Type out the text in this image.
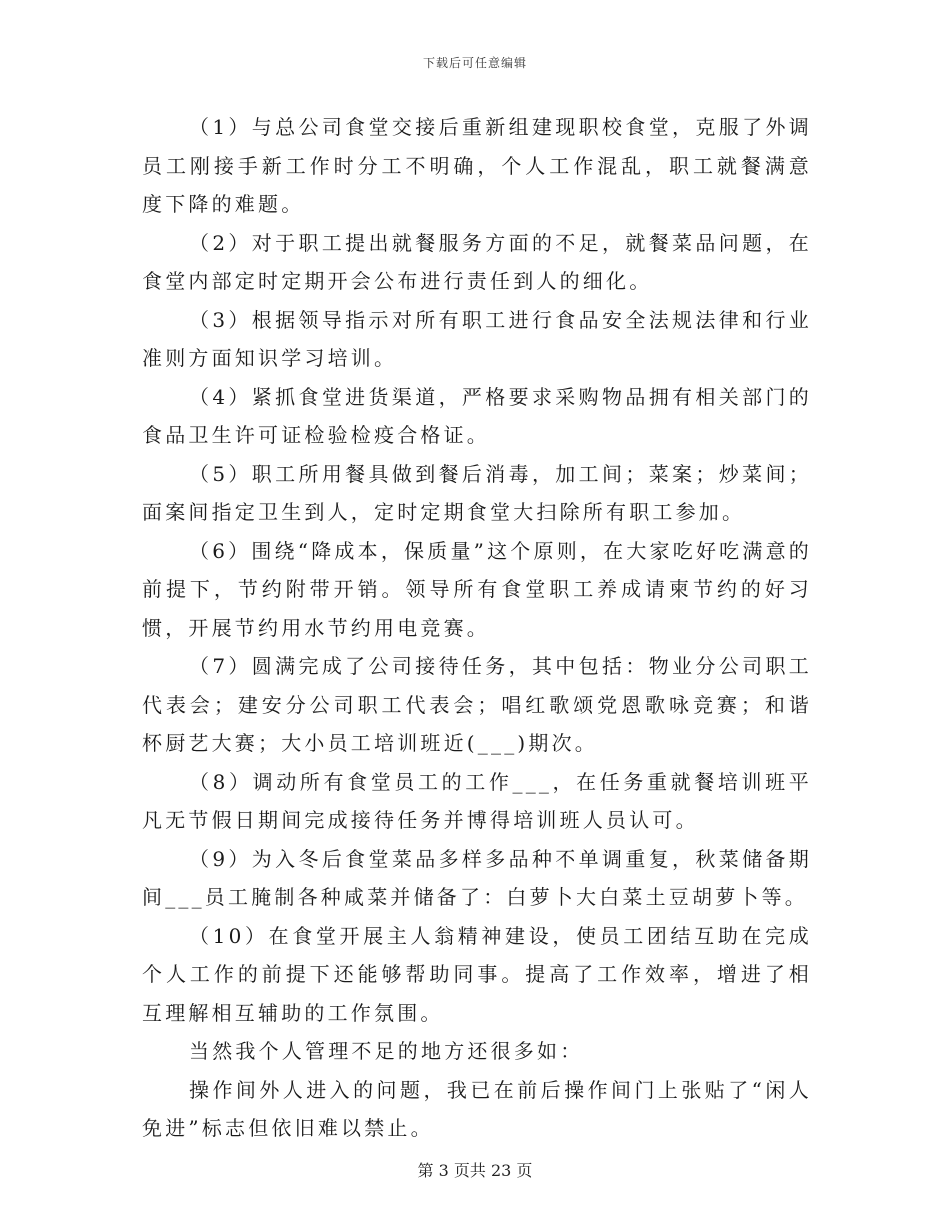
下载后可任意编辑

（1）与总公司食堂交接后重新组建现职校食堂，克服了外调员工刚接手新工作时分工不明确，个人工作混乱，职工就餐满意度下降的难题。

（2）对于职工提出就餐服务方面的不足，就餐菜品问题，在食堂内部定时定期开会公布进行责任到人的细化。

（3）根据领导指示对所有职工进行食品安全法规法律和行业准则方面知识学习培训。

（4）紧抓食堂进货渠道，严格要求采购物品拥有相关部门的食品卫生许可证检验检疫合格证。

（5）职工所用餐具做到餐后消毒，加工间；菜案；炒菜间；面案间指定卫生到人，定时定期食堂大扫除所有职工参加。

（6）围绕“降成本，保质量”这个原则，在大家吃好吃满意的前提下，节约附带开销。领导所有食堂职工养成请柬节约的好习惯，开展节约用水节约用电竞赛。

（7）圆满完成了公司接待任务，其中包括：物业分公司职工代表会；建安分公司职工代表会；唱红歌颂党恩歌咏竞赛；和谐杯厨艺大赛；大小员工培训班近(___)期次。

（8）调动所有食堂员工的工作___，在任务重就餐培训班平凡无节假日期间完成接待任务并博得培训班人员认可。

（9）为入冬后食堂菜品多样多品种不单调重复，秋菜储备期间___员工腌制各种咸菜并储备了：白萝卜大白菜土豆胡萝卜等。

（10）在食堂开展主人翁精神建设，使员工团结互助在完成个人工作的前提下还能够帮助同事。提高了工作效率，增进了相互理解相互辅助的工作氛围。

当然我个人管理不足的地方还很多如：

操作间外人进入的问题，我已在前后操作间门上张贴了“闲人免进”标志但依旧难以禁止。

第 3 页共 23 页
